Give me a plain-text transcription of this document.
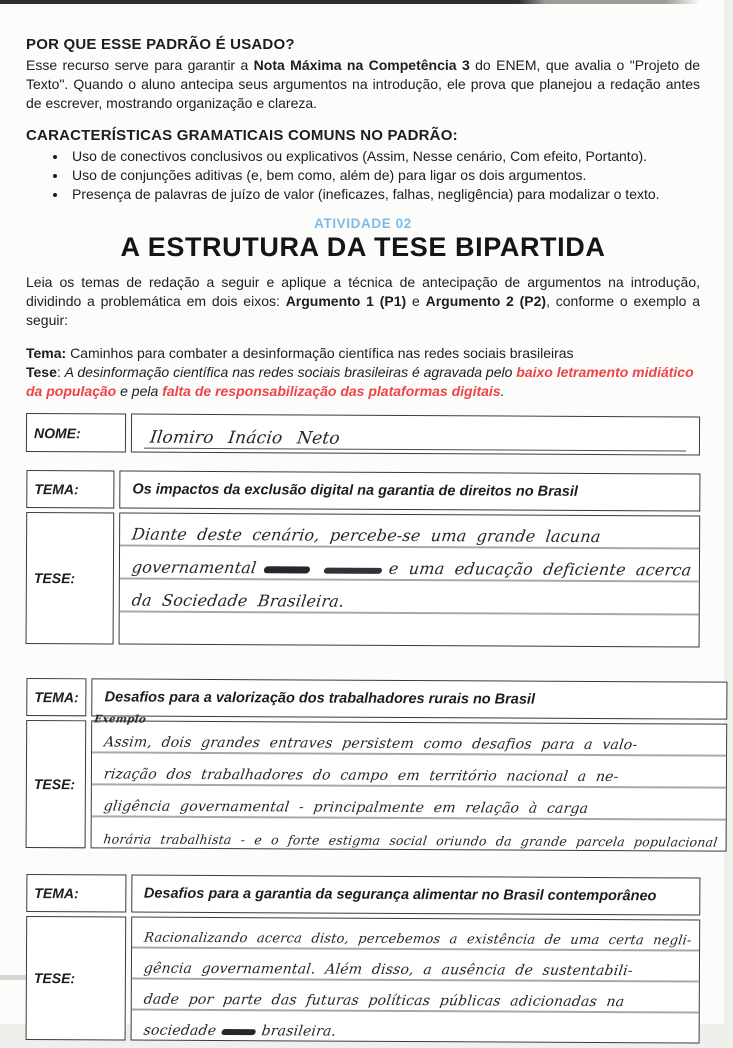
POR QUE ESSE PADRÃO É USADO?

Esse recurso serve para garantir a Nota Máxima na Competência 3 do ENEM, que avalia o "Projeto de Texto". Quando o aluno antecipa seus argumentos na introdução, ele prova que planejou a redação antes de escrever, mostrando organização e clareza.

CARACTERÍSTICAS GRAMATICAIS COMUNS NO PADRÃO:
• Uso de conectivos conclusivos ou explicativos (Assim, Nesse cenário, Com efeito, Portanto).
• Uso de conjunções aditivas (e, bem como, além de) para ligar os dois argumentos.
• Presença de palavras de juízo de valor (ineficazes, falhas, negligência) para modalizar o texto.
ATIVIDADE 02
A ESTRUTURA DA TESE BIPARTIDA

Leia os temas de redação a seguir e aplique a técnica de antecipação de argumentos na introdução, dividindo a problemática em dois eixos: Argumento 1 (P1) e Argumento 2 (P2), conforme o exemplo a seguir:

Tema: Caminhos para combater a desinformação científica nas redes sociais brasileiras

Tese: A desinformação científica nas redes sociais brasileiras é agravada pelo baixo letramento midiático da população e pela falta de responsabilização das plataformas digitais.

NOME:	Ilomiro Inácio Neto
TEMA:	Os impactos da exclusão digital na garantia de direitos no Brasil
TESE:	Diante deste cenário, percebe-se uma grande lacuna
governamental e uma educação deficiente acerca
da Sociedade Brasileira.
TEMA:	Desafios para a valorização dos trabalhadores rurais no Brasil
Exemplo

TESE:	Assim, dois grandes entraves persistem como desafios para a valo-
rização dos trabalhadores do campo em território nacional a ne-
gligência governamental - principalmente em relação à carga
horária trabalhista - e o forte estigma social oriundo da grande parcela populacional
TEMA:	Desafios para a garantia da segurança alimentar no Brasil contemporâneo
TESE:	Racionalizando acerca disto, percebemos a existência de uma certa negli-
gência governamental. Além disso, a ausência de sustentabili-
dade por parte das futuras políticas públicas adicionadas na
sociedade brasileira.
